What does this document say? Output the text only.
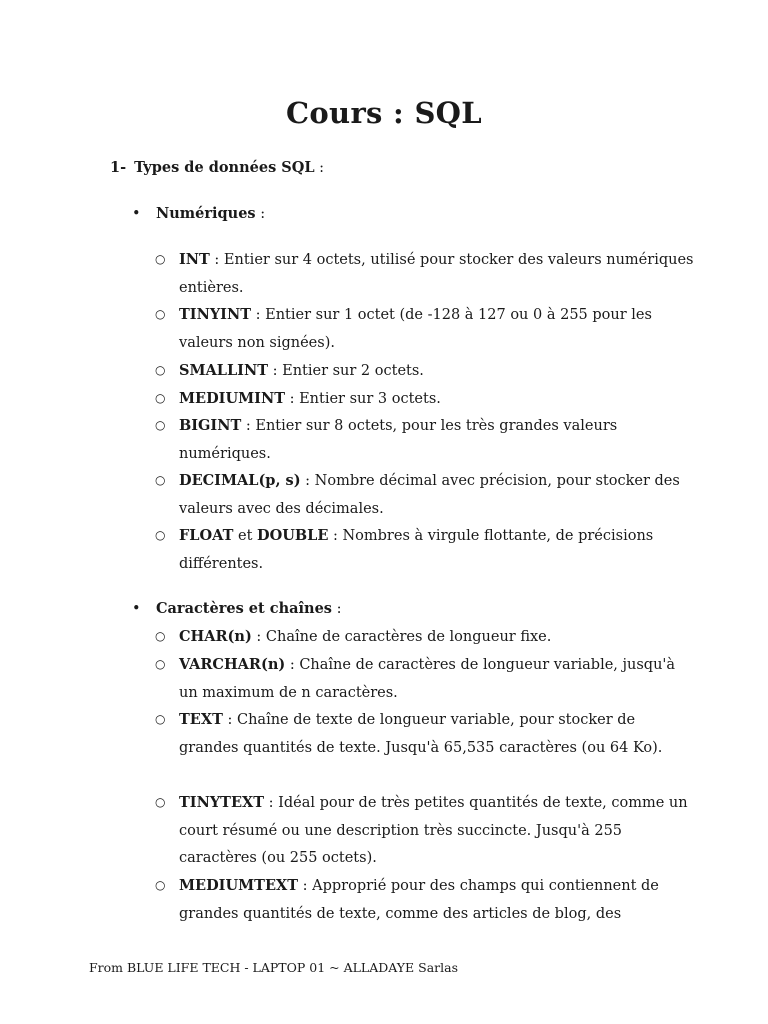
Cours : SQL
1- Types de données SQL :
• Numériques :
○ INT : Entier sur 4 octets, utilisé pour stocker des valeurs numériques entières.
○ TINYINT : Entier sur 1 octet (de -128 à 127 ou 0 à 255 pour les valeurs non signées).
○ SMALLINT : Entier sur 2 octets.
○ MEDIUMINT : Entier sur 3 octets.
○ BIGINT : Entier sur 8 octets, pour les très grandes valeurs numériques.
○ DECIMAL(p, s) : Nombre décimal avec précision, pour stocker des valeurs avec des décimales.
○ FLOAT et DOUBLE : Nombres à virgule flottante, de précisions différentes.
• Caractères et chaînes :
○ CHAR(n) : Chaîne de caractères de longueur fixe.
○ VARCHAR(n) : Chaîne de caractères de longueur variable, jusqu'à un maximum de n caractères.
○ TEXT : Chaîne de texte de longueur variable, pour stocker de grandes quantités de texte. Jusqu'à 65,535 caractères (ou 64 Ko).
○ TINYTEXT : Idéal pour de très petites quantités de texte, comme un court résumé ou une description très succincte. Jusqu'à 255 caractères (ou 255 octets).
○ MEDIUMTEXT : Approprié pour des champs qui contiennent de grandes quantités de texte, comme des articles de blog, des
From BLUE LIFE TECH - LAPTOP 01 ~ ALLADAYE Sarlas
